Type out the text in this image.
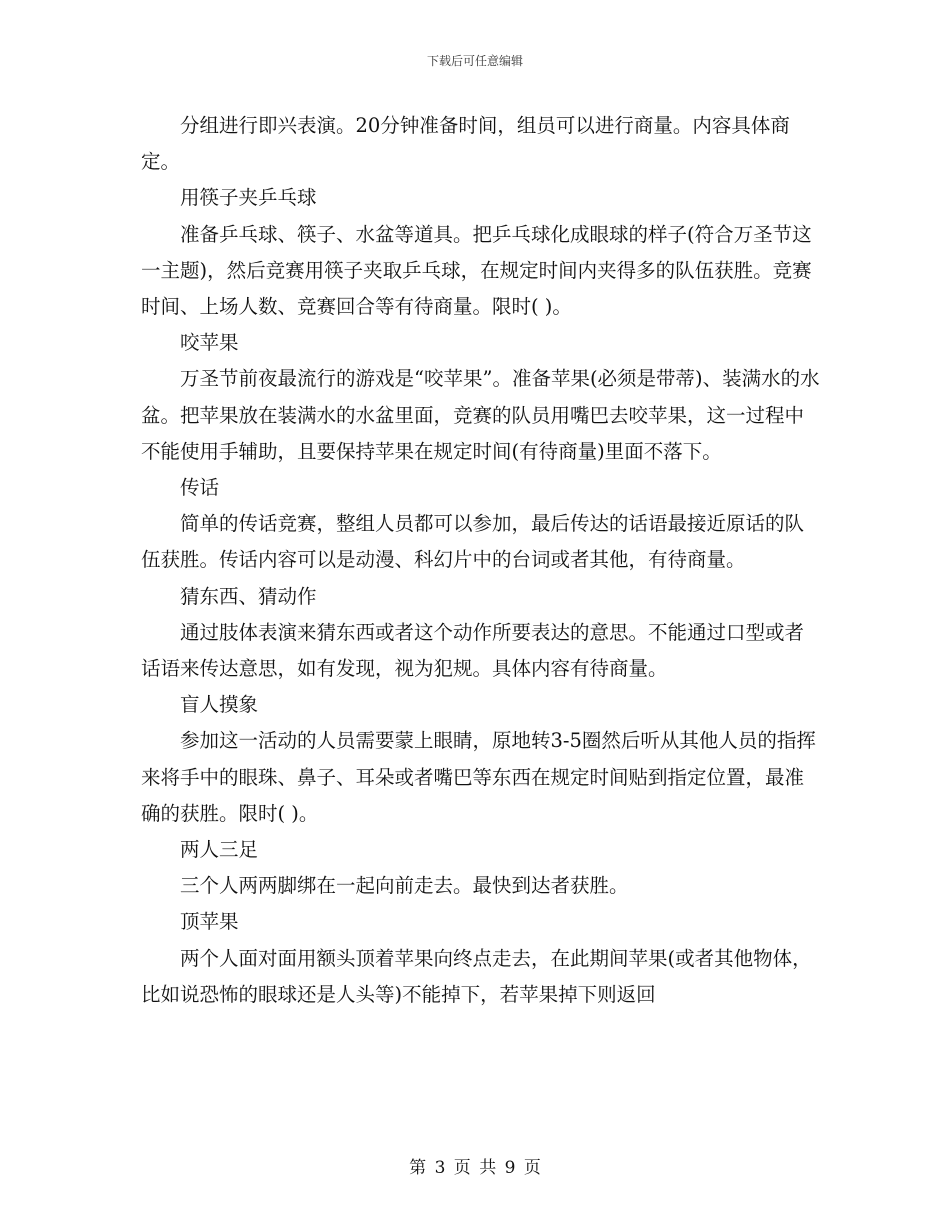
下载后可任意编辑

分组进行即兴表演。20分钟准备时间，组员可以进行商量。内容具体商定。

用筷子夹乒乓球

准备乒乓球、筷子、水盆等道具。把乒乓球化成眼球的样子(符合万圣节这一主题)，然后竞赛用筷子夹取乒乓球，在规定时间内夹得多的队伍获胜。竞赛时间、上场人数、竞赛回合等有待商量。限时( )。

咬苹果

万圣节前夜最流行的游戏是“咬苹果”。准备苹果(必须是带蒂)、装满水的水盆。把苹果放在装满水的水盆里面，竞赛的队员用嘴巴去咬苹果，这一过程中不能使用手辅助，且要保持苹果在规定时间(有待商量)里面不落下。

传话

简单的传话竞赛，整组人员都可以参加，最后传达的话语最接近原话的队伍获胜。传话内容可以是动漫、科幻片中的台词或者其他，有待商量。

猜东西、猜动作

通过肢体表演来猜东西或者这个动作所要表达的意思。不能通过口型或者话语来传达意思，如有发现，视为犯规。具体内容有待商量。

盲人摸象

参加这一活动的人员需要蒙上眼睛，原地转3-5圈然后听从其他人员的指挥来将手中的眼珠、鼻子、耳朵或者嘴巴等东西在规定时间贴到指定位置，最准确的获胜。限时( )。

两人三足

三个人两两脚绑在一起向前走去。最快到达者获胜。

顶苹果

两个人面对面用额头顶着苹果向终点走去，在此期间苹果(或者其他物体，比如说恐怖的眼球还是人头等)不能掉下，若苹果掉下则返回

第 3 页 共 9 页
